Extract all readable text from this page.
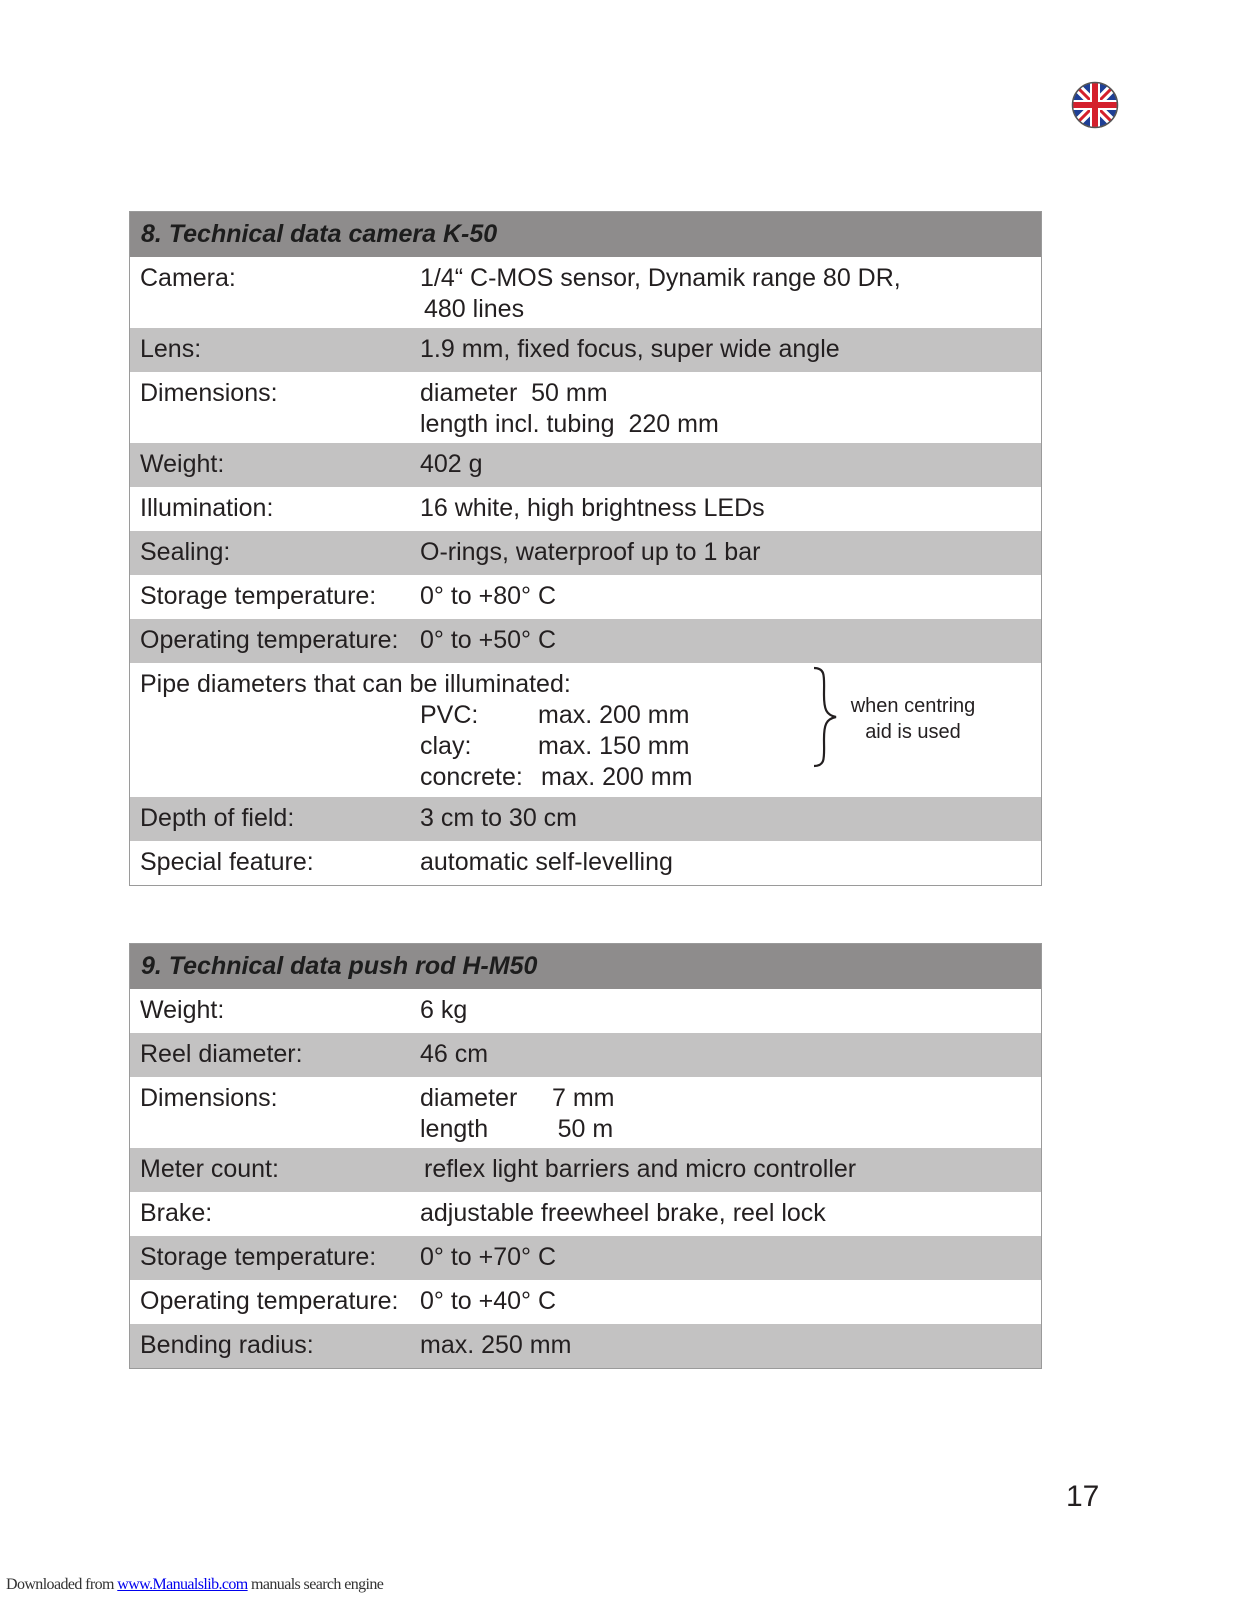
8. Technical data camera K-50
Camera:	1/4“ C-MOS sensor, Dynamik range 80 DR,
480 lines
Lens:	1.9 mm, fixed focus, super wide angle
Dimensions:	diameter  50 mm
length incl. tubing  220 mm
Weight:	402 g
Illumination:	16 white, high brightness LEDs
Sealing:	O-rings, waterproof up to 1 bar
Storage temperature: 0° to +80° C
Operating temperature: 0° to +50° C
Pipe diameters that can be illuminated:
PVC: max. 200 mm
clay:	max. 150 mm
concrete: max. 200 mm
when centring
aid is used
Depth of field:	3 cm to 30 cm
Special feature:	automatic self-levelling
9. Technical data push rod H-M50
Weight:	6 kg
Reel diameter:	46 cm
Dimensions:	diameter     7 mm
length          50 m
Meter count:	reflex light barriers and micro controller
Brake:	adjustable freewheel brake, reel lock
Storage temperature: 0° to +70° C
Operating temperature: 0° to +40° C
Bending radius:	max. 250 mm
17
Downloaded from www.Manualslib.com manuals search engine
